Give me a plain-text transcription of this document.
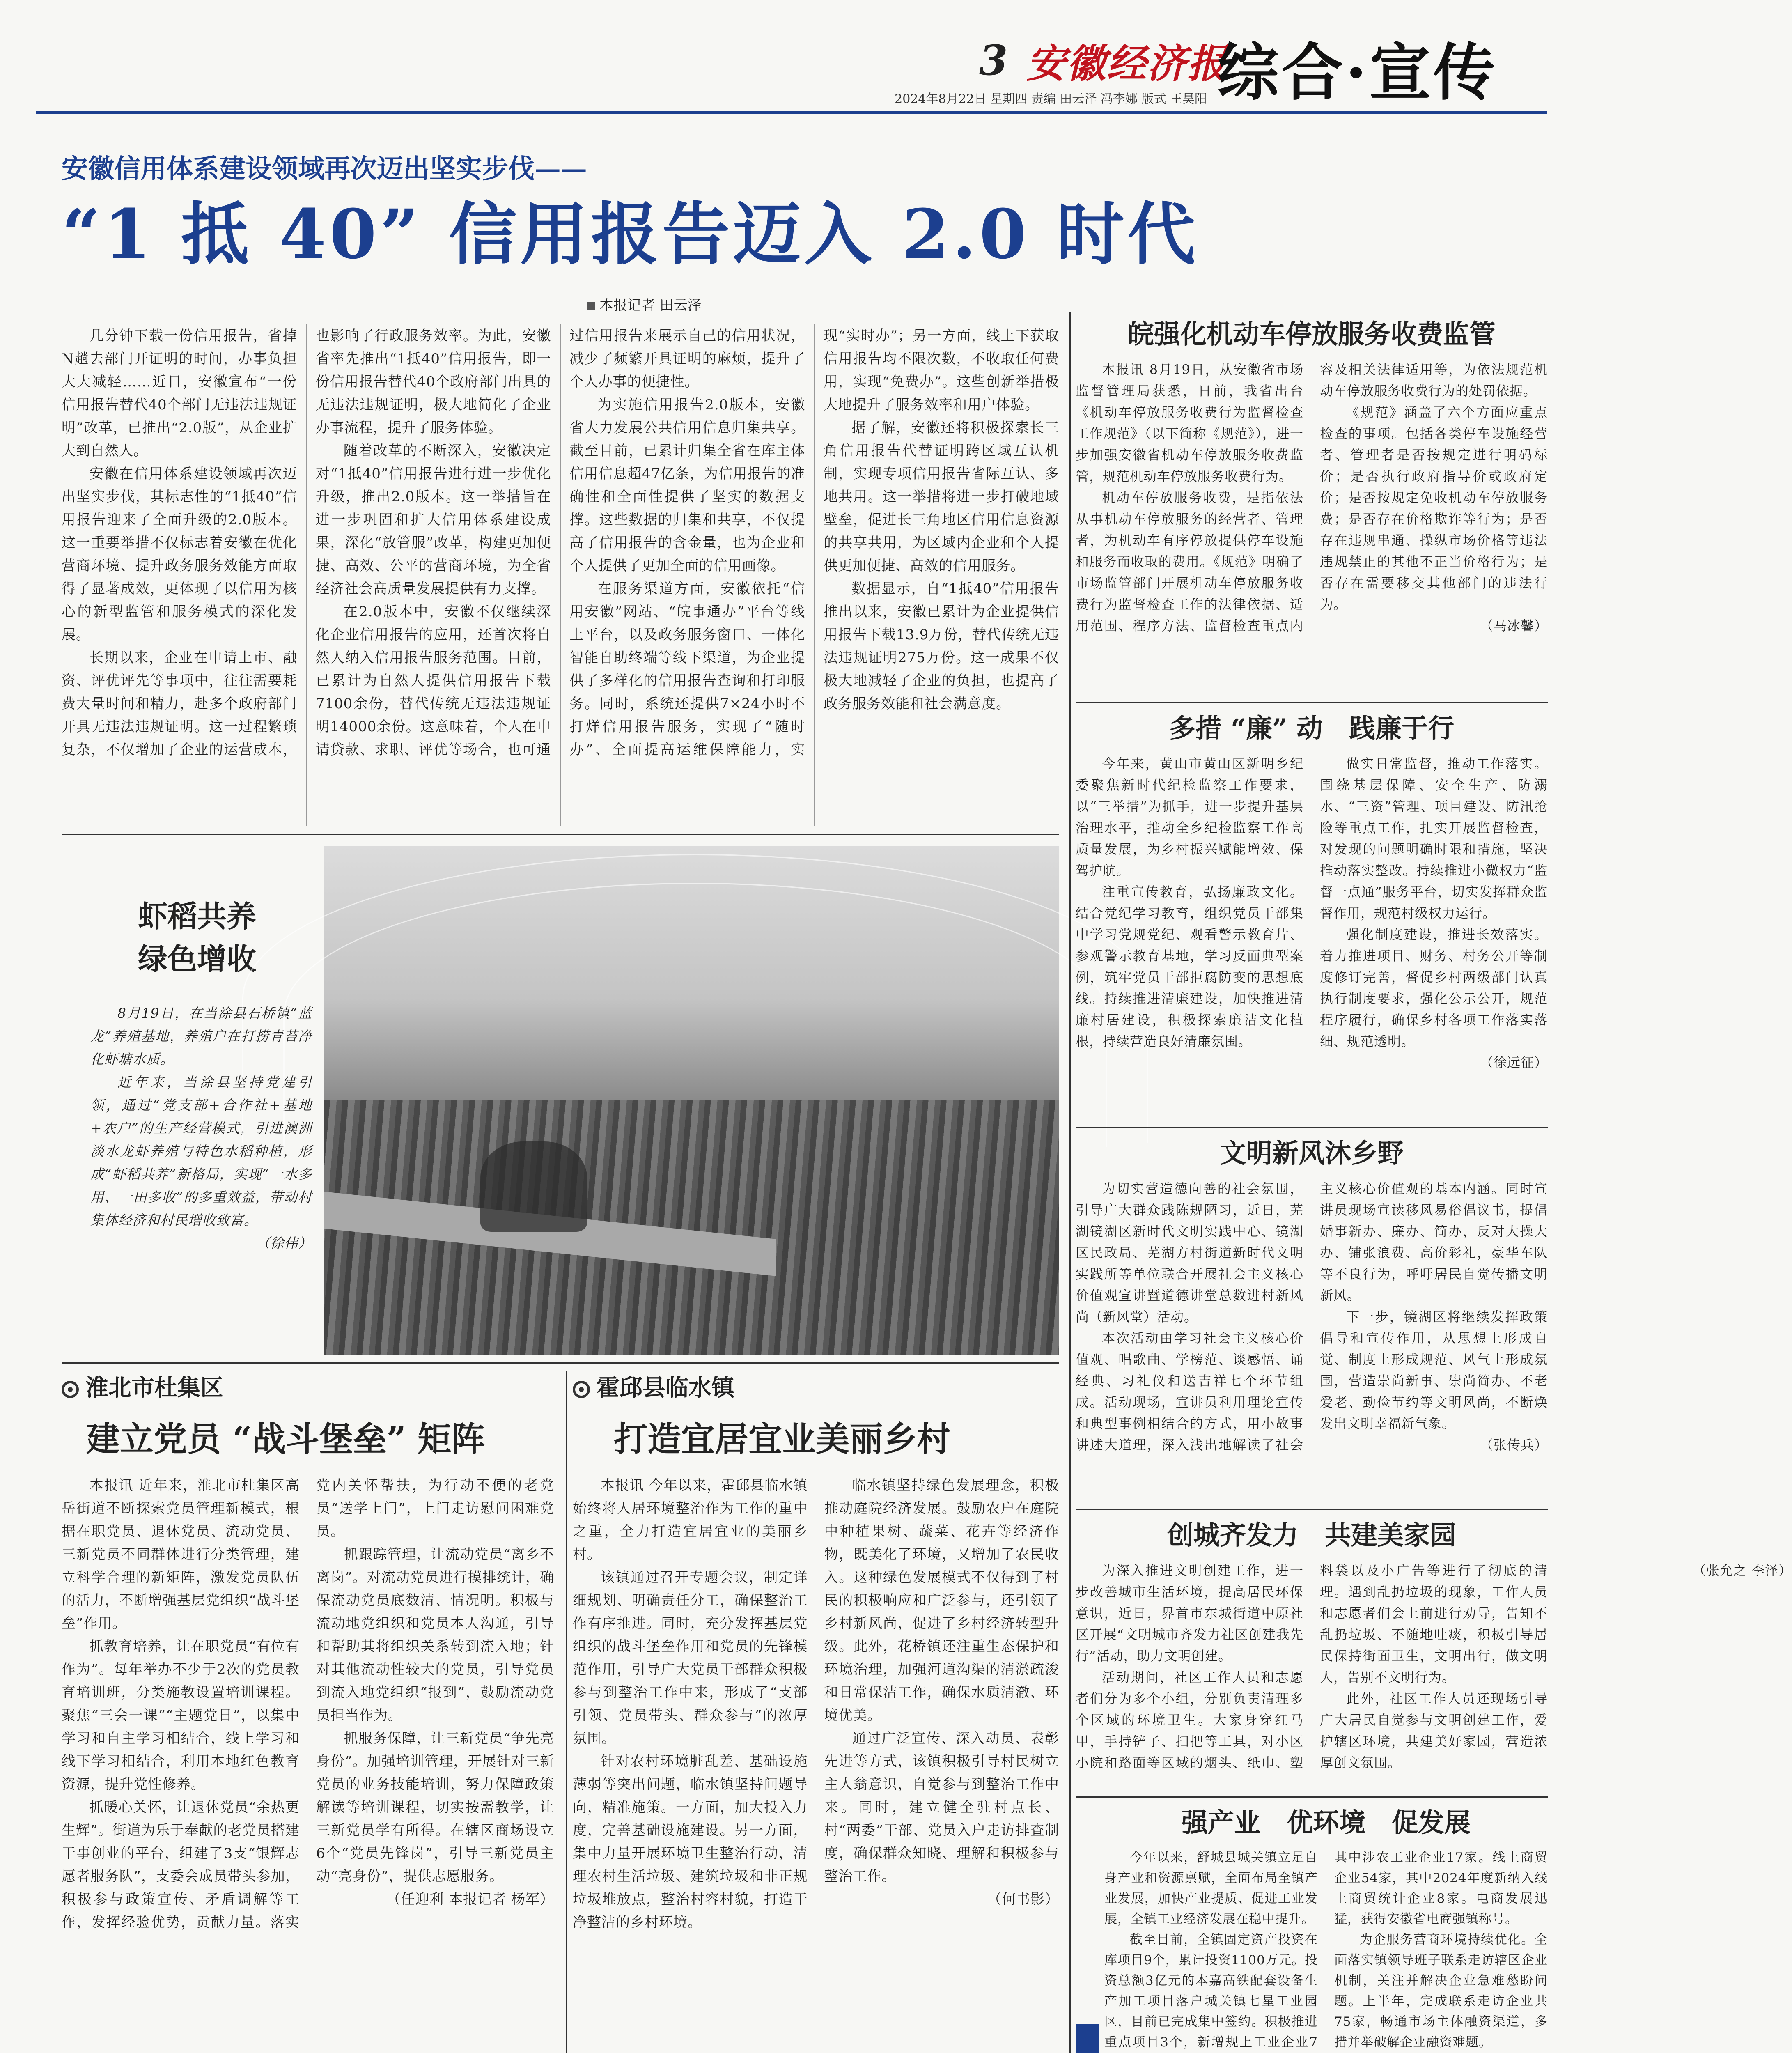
3 安徽经济报
2024年8月22日 星期四 责编 田云泽 冯李娜 版式 王昊阳 综合·宣传
安徽信用体系建设领域再次迈出坚实步伐——
“1 抵 40” 信用报告迈入 2.0 时代
本报记者 田云泽

几分钟下载一份信用报告，省掉N趟去部门开证明的时间，办事负担大大减轻……近日，安徽宣布“一份信用报告替代40个部门无违法违规证明”改革，已推出“2.0版”，从企业扩大到自然人。

安徽在信用体系建设领域再次迈出坚实步伐，其标志性的“1抵40”信用报告迎来了全面升级的2.0版本。这一重要举措不仅标志着安徽在优化营商环境、提升政务服务效能方面取得了显著成效，更体现了以信用为核心的新型监管和服务模式的深化发展。

长期以来，企业在申请上市、融资、评优评先等事项中，往往需要耗费大量时间和精力，赴多个政府部门开具无违法违规证明。这一过程繁琐复杂，不仅增加了企业的运营成本，也影响了行政服务效率。为此，安徽省率先推出“1抵40”信用报告，即一份信用报告替代40个政府部门出具的无违法违规证明，极大地简化了企业办事流程，提升了服务体验。

随着改革的不断深入，安徽决定对“1抵40”信用报告进行进一步优化升级，推出2.0版本。这一举措旨在进一步巩固和扩大信用体系建设成果，深化“放管服”改革，构建更加便捷、高效、公平的营商环境，为全省经济社会高质量发展提供有力支撑。

在2.0版本中，安徽不仅继续深化企业信用报告的应用，还首次将自然人纳入信用报告服务范围。目前，已累计为自然人提供信用报告下载7100余份，替代传统无违法违规证明14000余份。这意味着，个人在申请贷款、求职、评优等场合，也可通过信用报告来展示自己的信用状况，减少了频繁开具证明的麻烦，提升了个人办事的便捷性。

为实施信用报告2.0版本，安徽省大力发展公共信用信息归集共享。截至目前，已累计归集全省在库主体信用信息超47亿条，为信用报告的准确性和全面性提供了坚实的数据支撑。这些数据的归集和共享，不仅提高了信用报告的含金量，也为企业和个人提供了更加全面的信用画像。

在服务渠道方面，安徽依托“信用安徽”网站、“皖事通办”平台等线上平台，以及政务服务窗口、一体化智能自助终端等线下渠道，为企业提供了多样化的信用报告查询和打印服务。同时，系统还提供7×24小时不打烊信用报告服务，实现了“随时办”、全面提高运维保障能力，实现“实时办”；另一方面，线上下获取信用报告均不限次数，不收取任何费用，实现“免费办”。这些创新举措极大地提升了服务效率和用户体验。

据了解，安徽还将积极探索长三角信用报告代替证明跨区域互认机制，实现专项信用报告省际互认、多地共用。这一举措将进一步打破地域壁垒，促进长三角地区信用信息资源的共享共用，为区域内企业和个人提供更加便捷、高效的信用服务。

数据显示，自“1抵40”信用报告推出以来，安徽已累计为企业提供信用报告下载13.9万份，替代传统无违法违规证明275万份。这一成果不仅极大地减轻了企业的负担，也提高了政务服务效能和社会满意度。

虾稻共养
绿色增收

8月19日，在当涂县石桥镇“蓝龙”养殖基地，养殖户在打捞青苔净化虾塘水质。

近年来，当涂县坚持党建引领，通过“党支部+合作社+基地+农户”的生产经营模式，引进澳洲淡水龙虾养殖与特色水稻种植，形成“虾稻共养”新格局，实现“一水多用、一田多收”的多重效益，带动村集体经济和村民增收致富。

（徐伟）
淮北市杜集区
建立党员 “战斗堡垒” 矩阵

本报讯 近年来，淮北市杜集区高岳街道不断探索党员管理新模式，根据在职党员、退休党员、流动党员、三新党员不同群体进行分类管理，建立科学合理的新矩阵，激发党员队伍的活力，不断增强基层党组织“战斗堡垒”作用。

抓教育培养，让在职党员“有位有作为”。每年举办不少于2次的党员教育培训班，分类施教设置培训课程。聚焦“三会一课”“主题党日”，以集中学习和自主学习相结合，线上学习和线下学习相结合，利用本地红色教育资源，提升党性修养。

抓暖心关怀，让退休党员“余热更生辉”。街道为乐于奉献的老党员搭建干事创业的平台，组建了3支“银辉志愿者服务队”，支委会成员带头参加，积极参与政策宣传、矛盾调解等工作，发挥经验优势，贡献力量。落实党内关怀帮扶，为行动不便的老党员“送学上门”，上门走访慰问困难党员。

抓跟踪管理，让流动党员“离乡不离岗”。对流动党员进行摸排统计，确保流动党员底数清、情况明。积极与流动地党组织和党员本人沟通，引导和帮助其将组织关系转到流入地；针对其他流动性较大的党员，引导党员到流入地党组织“报到”，鼓励流动党员担当作为。

抓服务保障，让三新党员“争先亮身份”。加强培训管理，开展针对三新党员的业务技能培训，努力保障政策解读等培训课程，切实按需教学，让三新党员学有所得。在辖区商场设立6个“党员先锋岗”，引导三新党员主动“亮身份”，提供志愿服务。

（任迎利 本报记者 杨军）
霍邱县临水镇
打造宜居宜业美丽乡村

本报讯 今年以来，霍邱县临水镇始终将人居环境整治作为工作的重中之重，全力打造宜居宜业的美丽乡村。

该镇通过召开专题会议，制定详细规划、明确责任分工，确保整治工作有序推进。同时，充分发挥基层党组织的战斗堡垒作用和党员的先锋模范作用，引导广大党员干部群众积极参与到整治工作中来，形成了“支部引领、党员带头、群众参与”的浓厚氛围。

针对农村环境脏乱差、基础设施薄弱等突出问题，临水镇坚持问题导向，精准施策。一方面，加大投入力度，完善基础设施建设。另一方面，集中力量开展环境卫生整治行动，清理农村生活垃圾、建筑垃圾和非正规垃圾堆放点，整治村容村貌，打造干净整洁的乡村环境。

临水镇坚持绿色发展理念，积极推动庭院经济发展。鼓励农户在庭院中种植果树、蔬菜、花卉等经济作物，既美化了环境，又增加了农民收入。这种绿色发展模式不仅得到了村民的积极响应和广泛参与，还引领了乡村新风尚，促进了乡村经济转型升级。此外，花桥镇还注重生态保护和环境治理，加强河道沟渠的清淤疏浚和日常保洁工作，确保水质清澈、环境优美。

通过广泛宣传、深入动员、表彰先进等方式，该镇积极引导村民树立主人翁意识，自觉参与到整治工作中来。同时，建立健全驻村点长、村“两委”干部、党员入户走访排查制度，确保群众知晓、理解和积极参与整治工作。

（何书影）

皖强化机动车停放服务收费监管

本报讯 8月19日，从安徽省市场监督管理局获悉，日前，我省出台《机动车停放服务收费行为监督检查工作规范》（以下简称《规范》），进一步加强安徽省机动车停放服务收费监管，规范机动车停放服务收费行为。

机动车停放服务收费，是指依法从事机动车停放服务的经营者、管理者，为机动车有序停放提供停车设施和服务而收取的费用。《规范》明确了市场监管部门开展机动车停放服务收费行为监督检查工作的法律依据、适用范围、程序方法、监督检查重点内容及相关法律适用等，为依法规范机动车停放服务收费行为的处罚依据。

《规范》涵盖了六个方面应重点检查的事项。包括各类停车设施经营者、管理者是否按规定进行明码标价；是否执行政府指导价或政府定价；是否按规定免收机动车停放服务费；是否存在价格欺诈等行为；是否存在违规串通、操纵市场价格等违法违规禁止的其他不正当价格行为；是否存在需要移交其他部门的违法行为。

（马冰馨）
多措 “廉” 动　践廉于行

今年来，黄山市黄山区新明乡纪委聚焦新时代纪检监察工作要求，以“三举措”为抓手，进一步提升基层治理水平，推动全乡纪检监察工作高质量发展，为乡村振兴赋能增效、保驾护航。

注重宣传教育，弘扬廉政文化。结合党纪学习教育，组织党员干部集中学习党规党纪、观看警示教育片、参观警示教育基地，学习反面典型案例，筑牢党员干部拒腐防变的思想底线。持续推进清廉建设，加快推进清廉村居建设，积极探索廉洁文化植根，持续营造良好清廉氛围。

做实日常监督，推动工作落实。围绕基层保障、安全生产、防溺水、“三资”管理、项目建设、防汛抢险等重点工作，扎实开展监督检查，对发现的问题明确时限和措施，坚决推动落实整改。持续推进小微权力“监督一点通”服务平台，切实发挥群众监督作用，规范村级权力运行。

强化制度建设，推进长效落实。着力推进项目、财务、村务公开等制度修订完善，督促乡村两级部门认真执行制度要求，强化公示公开，规范程序履行，确保乡村各项工作落实落细、规范透明。

（徐远征）
文明新风沐乡野

为切实营造德向善的社会氛围，引导广大群众践陈规陋习，近日，芜湖镜湖区新时代文明实践中心、镜湖区民政局、芜湖方村街道新时代文明实践所等单位联合开展社会主义核心价值观宣讲暨道德讲堂总数进村新风尚（新风堂）活动。

本次活动由学习社会主义核心价值观、唱歌曲、学榜范、谈感悟、诵经典、习礼仪和送吉祥七个环节组成。活动现场，宣讲员利用理论宣传和典型事例相结合的方式，用小故事讲述大道理，深入浅出地解读了社会主义核心价值观的基本内涵。同时宣讲员现场宣读移风易俗倡议书，提倡婚事新办、廉办、简办，反对大操大办、铺张浪费、高价彩礼，豪华车队等不良行为，呼吁居民自觉传播文明新风。

下一步，镜湖区将继续发挥政策倡导和宣传作用，从思想上形成自觉、制度上形成规范、风气上形成氛围，营造崇尚新事、崇尚简办、不老爱老、勤俭节约等文明风尚，不断焕发出文明幸福新气象。

（张传兵）
创城齐发力　共建美家园

为深入推进文明创建工作，进一步改善城市生活环境，提高居民环保意识，近日，界首市东城街道中原社区开展“文明城市齐发力社区创建我先行”活动，助力文明创建。

活动期间，社区工作人员和志愿者们分为多个小组，分别负责清理多个区域的环境卫生。大家身穿红马甲，手持铲子、扫把等工具，对小区小院和路面等区域的烟头、纸巾、塑料袋以及小广告等进行了彻底的清理。遇到乱扔垃圾的现象，工作人员和志愿者们会上前进行劝导，告知不乱扔垃圾、不随地吐痰，积极引导居民保持街面卫生，文明出行，做文明人，告别不文明行为。

此外，社区工作人员还现场引导广大居民自觉参与文明创建工作，爱护辖区环境，共建美好家园，营造浓厚创文氛围。

（张允之 李泽）
强产业　优环境　促发展

今年以来，舒城县城关镇立足自身产业和资源禀赋，全面布局全镇产业发展，加快产业提质、促进工业发展，全镇工业经济发展在稳中提升。

截至目前，全镇固定资产投资在库项目9个，累计投资1100万元。投资总额3亿元的本嘉高铁配套设备生产加工项目落户城关镇七星工业园区，目前已完成集中签约。积极推进重点项目3个，新增规上工业企业7 其中涉农工业企业17家。线上商贸企业54家，其中2024年度新纳入线上商贸统计企业8家。电商发展迅猛，获得安徽省电商强镇称号。

为企服务营商环境持续优化。全面落实镇领导班子联系走访辖区企业机制，关注并解决企业急难愁盼问题。上半年，完成联系走访企业共75家，畅通市场主体融资渠道，多措并举破解企业融资难题。
